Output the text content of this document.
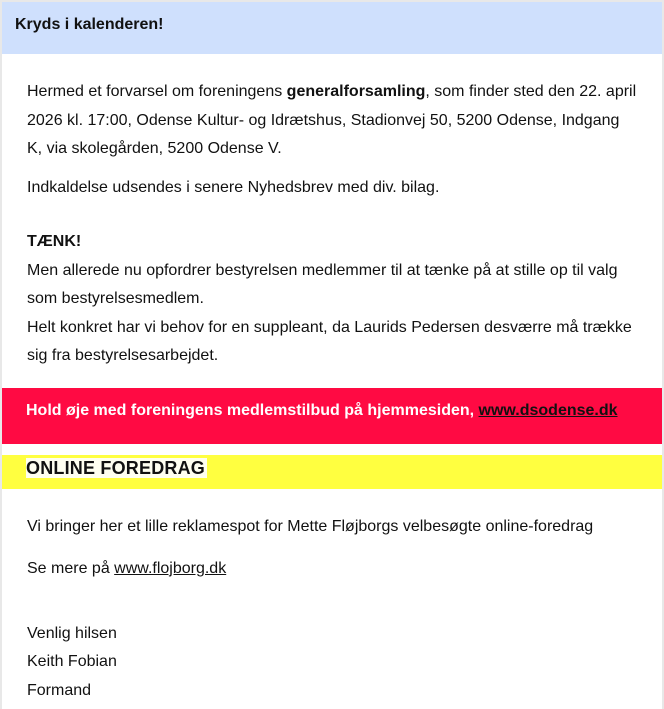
Kryds i kalenderen!

Hermed et forvarsel om foreningens generalforsamling, som finder sted den 22. april 2026 kl. 17:00, Odense Kultur- og Idrætshus, Stadionvej 50, 5200 Odense, Indgang K, via skolegården, 5200 Odense V.

Indkaldelse udsendes i senere Nyhedsbrev med div. bilag.

TÆNK!
Men allerede nu opfordrer bestyrelsen medlemmer til at tænke på at stille op til valg som bestyrelsesmedlem.
Helt konkret har vi behov for en suppleant, da Laurids Pedersen desværre må trække sig fra bestyrelsesarbejdet.

Hold øje med foreningens medlemstilbud på hjemmesiden, www.dsodense.dk
ONLINE FOREDRAG

Vi bringer her et lille reklamespot for Mette Fløjborgs velbesøgte online-foredrag

Se mere på www.flojborg.dk

Venlig hilsen
Keith Fobian
Formand
